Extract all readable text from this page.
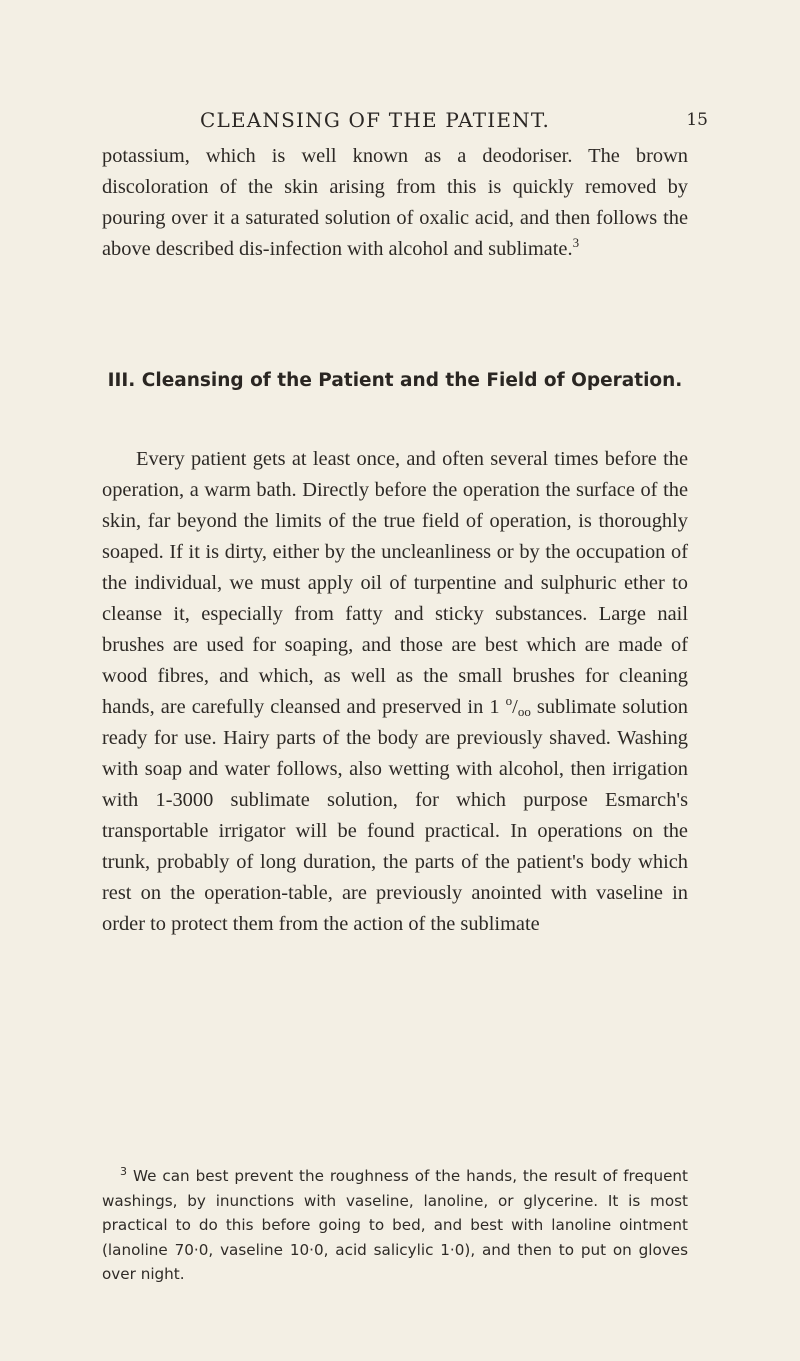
CLEANSING OF THE PATIENT.	15

potassium, which is well known as a deodoriser. The brown discoloration of the skin arising from this is quickly removed by pouring over it a saturated solution of oxalic acid, and then follows the above described dis-infection with alcohol and sublimate.$^3$

III. Cleansing of the Patient and the Field of Operation.

Every patient gets at least once, and often several times before the operation, a warm bath. Directly before the operation the surface of the skin, far beyond the limits of the true field of operation, is thoroughly soaped. If it is dirty, either by the uncleanliness or by the occupation of the individual, we must apply oil of turpentine and sulphuric ether to cleanse it, especially from fatty and sticky substances. Large nail brushes are used for soaping, and those are best which are made of wood fibres, and which, as well as the small brushes for cleaning hands, are carefully cleansed and preserved in 1 $^o/_{oo}$ sublimate solution ready for use. Hairy parts of the body are previously shaved. Washing with soap and water follows, also wetting with alcohol, then irrigation with 1-3000 sublimate solution, for which purpose Esmarch's transportable irrigator will be found practical. In operations on the trunk, probably of long duration, the parts of the patient's body which rest on the operation-table, are previously anointed with vaseline in order to protect them from the action of the sublimate

$^3$ We can best prevent the roughness of the hands, the result of frequent washings, by inunctions with vaseline, lanoline, or glycerine. It is most practical to do this before going to bed, and best with lanoline ointment (lanoline 70·0, vaseline 10·0, acid salicylic 1·0), and then to put on gloves over night.
